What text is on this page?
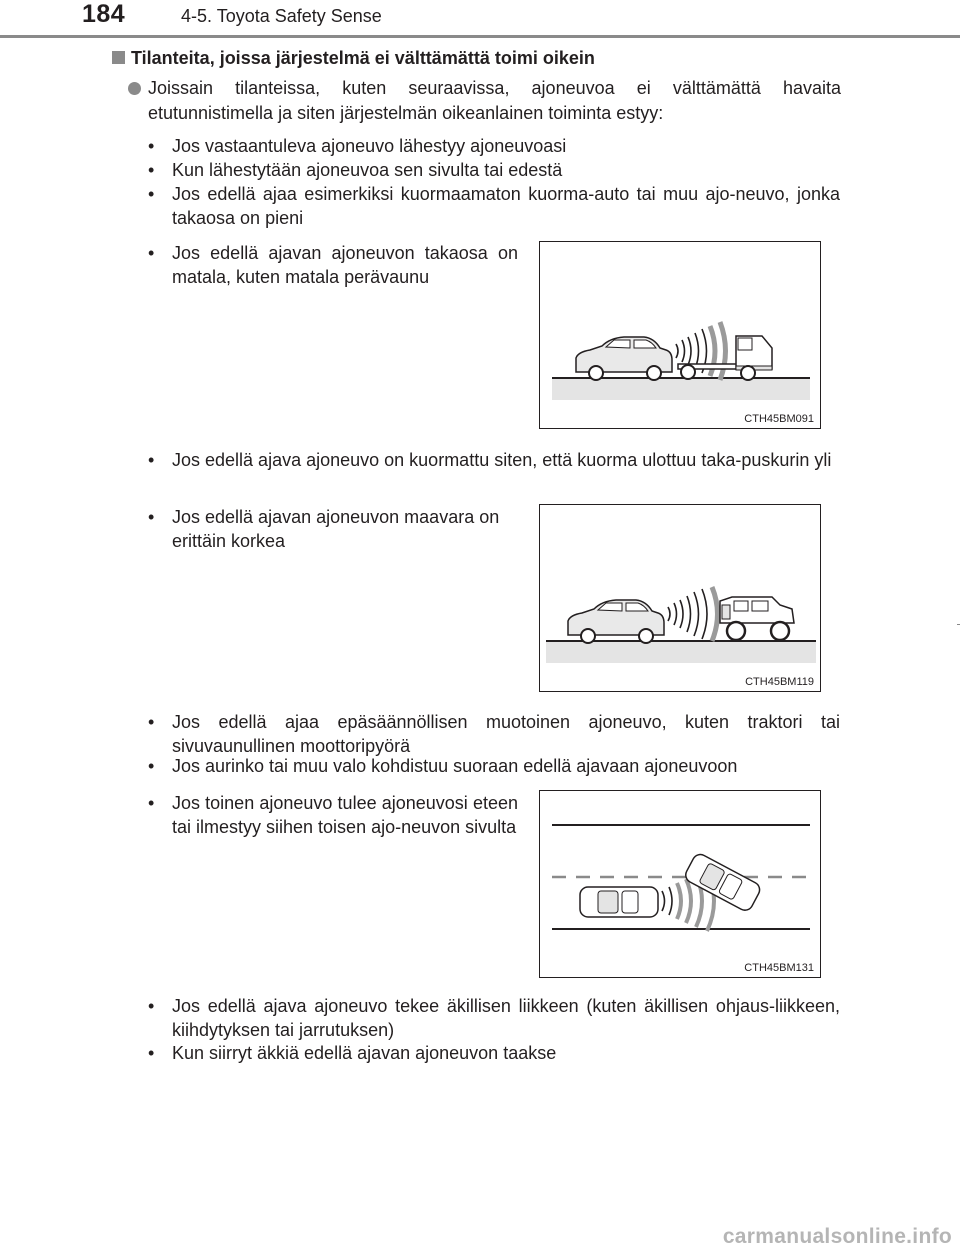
184	4-5. Toyota Safety Sense
Tilanteita, joissa järjestelmä ei välttämättä toimi oikein
Joissain tilanteissa, kuten seuraavissa, ajoneuvoa ei välttämättä havaita etutunnistimella ja siten järjestelmän oikeanlainen toiminta estyy:
• Jos vastaantuleva ajoneuvo lähestyy ajoneuvoasi
• Kun lähestytään ajoneuvoa sen sivulta tai edestä
• Jos edellä ajaa esimerkiksi kuormaamaton kuorma-auto tai muu ajo-neuvo, jonka takaosa on pieni
• Jos edellä ajavan ajoneuvon takaosa on matala, kuten matala perävaunu
CTH45BM091
• Jos edellä ajava ajoneuvo on kuormattu siten, että kuorma ulottuu taka-puskurin yli
• Jos edellä ajavan ajoneuvon maavara on erittäin korkea
CTH45BM119
• Jos edellä ajaa epäsäännöllisen muotoinen ajoneuvo, kuten traktori tai sivuvaunullinen moottoripyörä
• Jos aurinko tai muu valo kohdistuu suoraan edellä ajavaan ajoneuvoon
• Jos toinen ajoneuvo tulee ajoneuvosi eteen tai ilmestyy siihen toisen ajo-neuvon sivulta
CTH45BM131
• Jos edellä ajava ajoneuvo tekee äkillisen liikkeen (kuten äkillisen ohjaus-liikkeen, kiihdytyksen tai jarrutuksen)
• Kun siirryt äkkiä edellä ajavan ajoneuvon taakse
carmanualsonline.info
